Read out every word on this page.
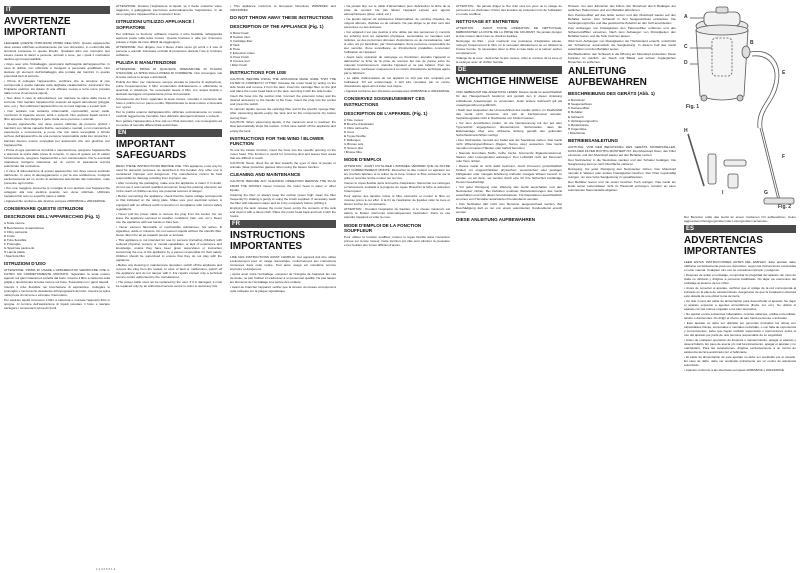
IT
AVVERTENZE IMPORTANTI

LEGGERE QUESTE ISTRUZIONI PRIMA DELL'USO. Questo apparecchio deve essere utilizzato esclusivamente per uso domestico, in conformità alle istruzioni contenute in questo libretto. Qualsiasi altro uso improprio può essere causa di danni a persone, animali o cose, per i quali il costruttore declina ogni responsabilità.

• Dopo aver tolto l'imballaggio, assicurarsi dell'integrità dell'apparecchio. In caso di dubbio non utilizzarlo e rivolgersi a personale qualificato. Non lasciare gli elementi dell'imballaggio alla portata dei bambini in quanto potenziali fonti di pericolo.

• Prima di collegare l'apparecchio, verificare che la tensione di rete corrisponda a quella indicata sulla targhetta caratteristiche. Assicurarsi che l'impianto elettrico sia dotato di una efficace messa a terra come previsto dalle norme di sicurezza vigenti.

• Non tirare il cavo di alimentazione per staccare la spina dalla presa di corrente. Non lasciare l'apparecchio esposto ad agenti atmosferici (pioggia, sole, ecc.). Non utilizzare l'apparecchio con le mani bagnate o a piedi nudi.

• Non aspirare mai sostanze infiammabili, combustibili, ceneri calde, mozziconi di sigarette accesi, acidi o solventi. Non aspirare liquidi senza il filtro apposito. Non dirigere il getto d'aria verso persone o animali.

• Questo apparecchio non deve essere utilizzato da persone (inclusi i bambini) con ridotte capacità fisiche, sensoriali o mentali, o con mancanza di esperienza e conoscenza, a meno che non siano sorvegliate o istruite sull'uso dell'apparecchio da una persona responsabile della loro sicurezza. I bambini devono essere sorvegliati per assicurarsi che non giochino con l'apparecchio.

• Prima di ogni operazione di pulizia o manutenzione, spegnere l'apparecchio e staccare la spina dalla presa di corrente. In caso di guasto e/o di cattivo funzionamento, spegnere l'apparecchio e non manometterlo. Per le eventuali riparazioni rivolgersi solamente ad un centro di assistenza tecnica autorizzato dal costruttore.

• Il cavo di alimentazione di questo apparecchio non deve essere sostituito dall'utente. In caso di danneggiamento o per la sua sostituzione, rivolgersi esclusivamente ad un centro di assistenza autorizzato dal costruttore, onde prevenire ogni rischio.

• Per una maggiore sicurezza si consiglia di non lasciare mai l'apparecchio collegato alla rete elettrica quando non viene utilizzato. Utilizzare l'apparecchio solo su superfici piane e stabili.

• Apparecchio conforme alle direttive europee 2006/95/CE e 2004/108/CE.

CONSERVARE QUESTE ISTRUZIONI
DESCRIZIONE DELL'APPARECCHIO (Fig. 1)
A Testa motore
B Bocchettone di aspirazione
C Filtro cartuccia
D Fusto
E Tubo flessibile
F Prolunghe
G Spazzola pavimenti
H Lancia piatta
I Spazzola filtro
ISTRUZIONI D'USO

ATTENZIONE: PRIMA DI USARE L'APPARECCHIO VERIFICARE CHE IL FILTRO SIA CORRETTAMENTE MONTATO. Sganciare la testa motore agendo sui ganci laterali ed estrarla dal fusto. Inserire il filtro a cartuccia sulla griglia e riposizionare la testa motore sul fusto, fissandola con i ganci laterali.

Inserire il tubo flessibile nel bocchettone di aspirazione. Collegare le prolunghe e l'accessorio desiderato all'impugnatura del tubo. Inserire la spina nella presa di corrente e azionare l'interruttore.

Per aspirare liquidi rimuovere il filtro a cartuccia e montare l'apposito filtro in spugna. Al termine dell'aspirazione di liquidi svuotare il fusto e lasciare asciugare i componenti prima di riporli.

ATTENZIONE: Durante l'aspirazione di liquidi, se il livello massimo viene raggiunto, il galleggiante interrompe automaticamente l'aspirazione. In tal caso spegnere l'apparecchio e svuotare il fusto.

ISTRUZIONI UTILIZZO APPLIANCE / SOFFIATORE

Per utilizzare la funzione soffiatore inserire il tubo flessibile nell'apposita apertura posta sulla testa motore. Questa funzione è utile per rimuovere polvere e foglie da zone difficili da raggiungere.

ATTENZIONE: Non dirigere mai il flusso d'aria verso gli occhi o il viso di persone o animali. Indossare occhiali di protezione durante l'uso in funzione soffiatore.

PULIZIA E MANUTENZIONE

ATTENZIONE: PRIMA DI QUALSIASI OPERAZIONE DI PULIZIA STACCARE LA SPINA DALLA PRESA DI CORRENTE. Non immergere mai la testa motore in acqua o altri liquidi.

Pulizia del filtro: per mantenere sempre elevata la potenza di aspirazione, pulire frequentemente il filtro scuotendolo delicatamente o utilizzando la spazzola in dotazione. Se necessario lavare il filtro con acqua tiepida e lasciarlo asciugare completamente prima di rimontarlo.

Svuotamento del fusto: sganciare la testa motore, svuotare il contenuto del fusto e pulirlo con un panno umido. Riposizionare la testa motore e bloccarla con i ganci.

Per la pulizia esterna dell'apparecchio utilizzare esclusivamente un panno morbido leggermente inumidito. Non utilizzare detergenti abrasivi o solventi.

Non gettare l'apparecchio a fine vita nei rifiuti domestici, ma consegnarlo ad un centro di raccolta differenziata autorizzato.

EN
IMPORTANT SAFEGUARDS

READ THESE INSTRUCTIONS BEFORE USE. This appliance must only be used for domestic purposes, as described in this booklet. Any other use is considered improper and dangerous. The manufacturer cannot be held responsible for damage resulting from improper use.

• After removing the packaging, make sure the appliance is intact. If in doubt, do not use it and contact qualified personnel. Keep the packing elements out of the reach of children as they are potential sources of danger.

• Before connecting the appliance, check that the mains voltage corresponds to that indicated on the rating plate. Make sure your electrical system is equipped with an efficient earth connection in compliance with current safety regulations.

• Never pull the power cable to remove the plug from the socket. Do not leave the appliance exposed to weather conditions (rain, sun, etc.). Never use the appliance with wet hands or bare feet.

• Never vacuum flammable or combustible substances, hot ashes, lit cigarettes, acids or solvents. Do not vacuum liquids without the specific filter. Never direct the air jet towards people or animals.

• This appliance is not intended for use by persons (including children) with reduced physical, sensory or mental capabilities, or lack of experience and knowledge, unless they have been given supervision or instruction concerning the use of the appliance by a person responsible for their safety. Children should be supervised to ensure that they do not play with the appliance.

• Before any cleaning or maintenance operation, switch off the appliance and remove the plug from the socket. In case of fault or malfunction, switch off the appliance and do not tamper with it. For repairs contact only a technical service centre authorised by the manufacturer.

• The power cable must not be replaced by the user. If it is damaged, it must be replaced only by an authorised service centre in order to avoid any risk.

• This appliance conforms to European Directives 2006/95/EC and 2004/108/EC.

DO NOT THROW AWAY THESE INSTRUCTIONS
DESCRIPTION OF THE APPLIANCE (Fig. 1)
A Motor head
B Suction inlet
C Cartridge filter
D Tank
E Hose
F Extension tubes
G Floor brush
H Crevice tool
I Filter brush
INSTRUCTIONS FOR USE

CAUTION: BEFORE USING THE APPLIANCE MAKE SURE THAT THE FILTER IS CORRECTLY FITTED. Release the motor head by acting on the side hooks and remove it from the tank. Insert the cartridge filter on the grid and place the motor head back on the tank, securing it with the side hooks.

Insert the hose into the suction inlet. Connect the extension tubes and the desired accessory to the handle of the hose. Insert the plug into the socket and press the switch.

To vacuum liquids remove the cartridge filter and fit the specific sponge filter. After vacuuming liquids empty the tank and let the components dry before storing them.

CAUTION: When vacuuming liquids, if the maximum level is reached, the float automatically stops the suction. In this case switch off the appliance and empty the tank.

INSTRUCTIONS FOR THE WIND / BLOWER FUNCTION

To use the blower function, insert the hose into the specific opening on the motor head. This function is useful for removing dust and leaves from areas that are difficult to reach.

CAUTION: Never direct the air flow towards the eyes or face of people or animals. Wear protective glasses when using the blower function.

CLEANING AND MAINTENANCE

CAUTION: BEFORE ANY CLEANING OPERATION REMOVE THE PLUG FROM THE SOCKET. Never immerse the motor head in water or other liquids.

Cleaning the filter: to always keep the suction power high, clean the filter frequently by shaking it gently or using the brush supplied. If necessary wash the filter with lukewarm water and let it dry completely before refitting it.

Emptying the tank: release the motor head, empty the contents of the tank and clean it with a damp cloth. Place the motor head back and lock it with the hooks.

FR
INSTRUCTIONS IMPORTANTES

LIRE CES INSTRUCTIONS AVANT L'EMPLOI. Cet appareil doit être utilisé exclusivement pour un usage domestique, conformément aux instructions contenues dans cette notice. Tout autre usage est considéré comme impropre et dangereux.

• Après avoir retiré l'emballage, s'assurer de l'intégrité de l'appareil. En cas de doute, ne pas l'utiliser et s'adresser à un personnel qualifié. Ne pas laisser les éléments de l'emballage à la portée des enfants.

• Avant de brancher l'appareil, vérifier que la tension du réseau correspond à celle indiquée sur la plaque signalétique.

• Ne jamais tirer sur le câble d'alimentation pour débrancher la fiche de la prise de courant. Ne pas laisser l'appareil exposé aux agents atmosphériques (pluie, soleil, etc.).

• Ne jamais aspirer de substances inflammables, de cendres chaudes, de mégots allumés, d'acides ou de solvants. Ne pas diriger le jet d'air vers des personnes ou des animaux.

• Cet appareil n'est pas destiné à être utilisé par des personnes (y compris les enfants) dont les capacités physiques, sensorielles ou mentales sont réduites, ou des personnes dénuées d'expérience ou de connaissance, sauf si elles ont pu bénéficier, par l'intermédiaire d'une personne responsable de leur sécurité, d'une surveillance ou d'instructions préalables concernant l'utilisation de l'appareil.

• Avant toute opération de nettoyage ou d'entretien, éteindre l'appareil et débrancher la fiche de la prise de courant. En cas de panne et/ou de mauvais fonctionnement, éteindre l'appareil et ne pas l'altérer. Pour les réparations, s'adresser uniquement à un centre d'assistance technique agréé par le fabricant.

• Le câble d'alimentation de cet appareil ne doit pas être remplacé par l'utilisateur. S'il est endommagé, il doit être remplacé par un centre d'assistance agréé afin d'éviter tout risque.

• Appareil conforme aux directives européennes 2006/95/CE et 2004/108/CE.

CONSERVEZ SOIGNEUSEMENT CES INSTRUCTIONS
DESCRIPTION DE L'APPAREIL (Fig. 1)
A Tête moteur
B Bouche d'aspiration
C Filtre cartouche
D Cuve
E Tuyau flexible
F Rallonges
G Brosse sols
H Suceur plat
I Brosse filtre
MODE D'EMPLOI

ATTENTION : AVANT D'UTILISER L'APPAREIL VÉRIFIER QUE LE FILTRE EST CORRECTEMENT MONTÉ. Décrocher la tête moteur en agissant sur les crochets latéraux et la retirer de la cuve. Insérer le filtre cartouche sur la grille et remettre la tête moteur sur la cuve.

Insérer le tuyau flexible dans la bouche d'aspiration. Raccorder les rallonges et l'accessoire souhaité à la poignée du tuyau. Brancher la fiche et actionner l'interrupteur.

Pour aspirer des liquides retirer le filtre cartouche et monter le filtre en mousse prévu à cet effet. À la fin de l'aspiration de liquides vider la cuve et laisser sécher les composants.

ATTENTION : Pendant l'aspiration de liquides, si le niveau maximum est atteint, le flotteur interrompt automatiquement l'aspiration. Dans ce cas éteindre l'appareil et vider la cuve.

MODE D'EMPLOI DE LA FONCTION SOUFFLEUR

Pour utiliser la fonction souffleur, insérer le tuyau flexible dans l'ouverture prévue sur la tête moteur. Cette fonction est utile pour éliminer la poussière et les feuilles des zones difficiles d'accès.

ATTENTION : Ne jamais diriger le flux d'air vers les yeux ou le visage de personnes ou d'animaux. Porter des lunettes de protection lors de l'utilisation en mode souffleur.

NETTOYAGE ET ENTRETIEN

ATTENTION : AVANT TOUTE OPÉRATION DE NETTOYAGE, DÉBRANCHER LA FICHE DE LA PRISE DE COURANT. Ne jamais plonger la tête moteur dans l'eau ou d'autres liquides.

Nettoyage du filtre : pour maintenir une puissance d'aspiration élevée, nettoyer fréquemment le filtre en le secouant délicatement ou en utilisant la brosse fournie. Si nécessaire laver le filtre à l'eau tiède et le laisser sécher complètement.

Vidange de la cuve : décrocher la tête moteur, vider le contenu de la cuve et la nettoyer avec un chiffon humide.

DE
WICHTIGE HINWEISE

VOR GEBRAUCH DIE ANLEITUNG LESEN. Dieses Gerät ist ausschließlich für den Hausgebrauch bestimmt und gemäß den in dieser Anleitung enthaltenen Anweisungen zu verwenden. Jeder andere Gebrauch gilt als unsachgemäß und gefährlich.

• Nach dem Auspacken die Unversehrtheit des Geräts prüfen. Im Zweifelsfall das Gerät nicht benutzen und sich an Fachpersonal wenden. Verpackungsteile nicht in Reichweite von Kindern lassen.

• Vor dem Anschließen prüfen, ob die Netzspannung mit der auf dem Typenschild angegebenen übereinstimmt. Sicherstellen, dass die Elektroanlage über eine wirksame Erdung gemäß den geltenden Sicherheitsvorschriften verfügt.

• Den Netzstecker niemals am Kabel aus der Steckdose ziehen. Das Gerät nicht Witterungseinflüssen (Regen, Sonne usw.) aussetzen. Das Gerät niemals mit nassen Händen oder barfuß benutzen.

• Niemals brennbare Stoffe, heiße Asche, brennende Zigarettenstummel, Säuren oder Lösungsmittel aufsaugen. Den Luftstrahl nicht auf Personen oder Tiere richten.

• Dieses Gerät ist nicht dafür bestimmt, durch Personen (einschließlich Kinder) mit eingeschränkten physischen, sensorischen oder geistigen Fähigkeiten oder mangels Erfahrung und/oder mangels Wissen benutzt zu werden, es sei denn, sie werden durch eine für ihre Sicherheit zuständige Person beaufsichtigt.

• Vor jeder Reinigung oder Wartung das Gerät ausschalten und den Netzstecker ziehen. Bei Defekten und/oder Betriebsstörungen das Gerät ausschalten und nicht daran herumhantieren. Für Reparaturen ausschließlich an einen vom Hersteller autorisierten Kundendienst wenden.

• Das Netzkabel darf nicht vom Benutzer ausgewechselt werden. Bei Beschädigung darf es nur von einem autorisierten Kundendienst ersetzt werden.

DIESE ANLEITUNG AUFBEWAHREN

Hinweis: Vor dem Einsetzen des Filters den Motorkopf durch Betätigen der seitlichen Haken lösen und vom Behälter abnehmen.

Den Patronenfilter auf das Gitter setzen und den Motorkopf wieder auf den Behälter setzen. Den Schlauch in den Sauganschluss einstecken. Die Verlängerungsrohre und das gewünschte Zubehör an den Griff anschließen.

Zum Aufsaugen von Flüssigkeiten den Patronenfilter entfernen und den Schaumstofffilter einsetzen. Nach dem Aufsaugen von Flüssigkeiten den Behälter leeren und die Teile trocknen lassen.

Wird beim Aufsaugen von Flüssigkeiten der Höchststand erreicht, unterbricht der Schwimmer automatisch die Saugleistung. In diesem Fall das Gerät ausschalten und den Behälter leeren.

Die Blasfunktion: den Schlauch in die Öffnung am Motorkopf einstecken. Diese Funktion ist nützlich, um Staub und Blätter aus schwer zugänglichen Bereichen zu entfernen.

ANLEITUNG AUFBEWAHREN
BESCHREIBUNG DES GERÄTS (Abb. 1)
A Motorkopf
B Sauganschluss
C Patronenfilter
D Behälter
E Schlauch
F Verlängerungsrohre
G Bodenbürste
H Fugendüse
I Filterbürste
BETRIEBSANLEITUNG

ACHTUNG: VOR DER BENUTZUNG DES GERÄTS SICHERSTELLEN, DASS DER FILTER RICHTIG MONTIERT IST. Den Motorkopf lösen, den Filter einsetzen und den Motorkopf wieder auf den Behälter setzen.

Den Netzstecker in die Steckdose stecken und den Schalter betätigen. Die Saugleistung kann je nach Oberfläche variieren.

Reinigung: Vor jeder Reinigung den Netzstecker ziehen. Den Motorkopf niemals in Wasser oder andere Flüssigkeiten tauchen. Den Filter regelmäßig reinigen, um eine hohe Saugleistung zu gewährleisten.

Den Behälter leeren und mit einem feuchten Tuch reinigen. Das Gerät am Ende seiner Lebensdauer nicht im Hausmüll entsorgen, sondern an einer autorisierten Sammelstelle abgeben.

Der Benutzer sollte das Gerät an einem trockenen Ort aufbewahren. Keine aggressiven Reinigungsmittel oder Lösungsmittel verwenden.

ES
ADVERTENCIAS IMPORTANTES

LEER ESTAS INSTRUCCIONES ANTES DEL EMPLEO. Este aparato debe utilizarse exclusivamente para uso doméstico, según las instrucciones contenidas en este manual. Cualquier otro uso se considera impropio y peligroso.

• Después de quitar el embalaje, comprobar la integridad del aparato. En caso de duda no utilizarlo y dirigirse a personal cualificado. No dejar los elementos del embalaje al alcance de los niños.

• Antes de conectar el aparato, verificar que el voltaje de la red corresponda al indicado en la placa de características. Asegurarse de que la instalación eléctrica esté dotada de una eficaz toma de tierra.

• No tirar nunca del cable de alimentación para desenchufar el aparato. No dejar el aparato expuesto a agentes atmosféricos (lluvia, sol, etc.). No utilizar el aparato con las manos mojadas o los pies descalzos.

• No aspirar nunca sustancias inflamables, cenizas calientes, colillas encendidas, ácidos o disolventes. No dirigir el chorro de aire hacia personas o animales.

• Este aparato no debe ser utilizado por personas (incluidos los niños) con capacidades físicas, sensoriales o mentales reducidas, o con falta de experiencia y conocimientos, salvo que hayan recibido supervisión o instrucciones sobre el uso del aparato por parte de una persona responsable de su seguridad.

• Antes de cualquier operación de limpieza o mantenimiento, apagar el aparato y desenchufarlo. En caso de avería y/o mal funcionamiento, apagar el aparato y no manipularlo. Para las reparaciones, dirigirse exclusivamente a un centro de asistencia técnica autorizado por el fabricante.

• El cable de alimentación de este aparato no debe ser sustituido por el usuario. En caso de daño, debe ser sustituido únicamente por un centro de asistencia autorizado.

• Aparato conforme a las directivas europeas 2006/95/CE y 2004/108/CE.

Fig. 1
Fig. 2
A
B
C
D
E
F
G
H
I
1 1 4 2 6 3 1 4
